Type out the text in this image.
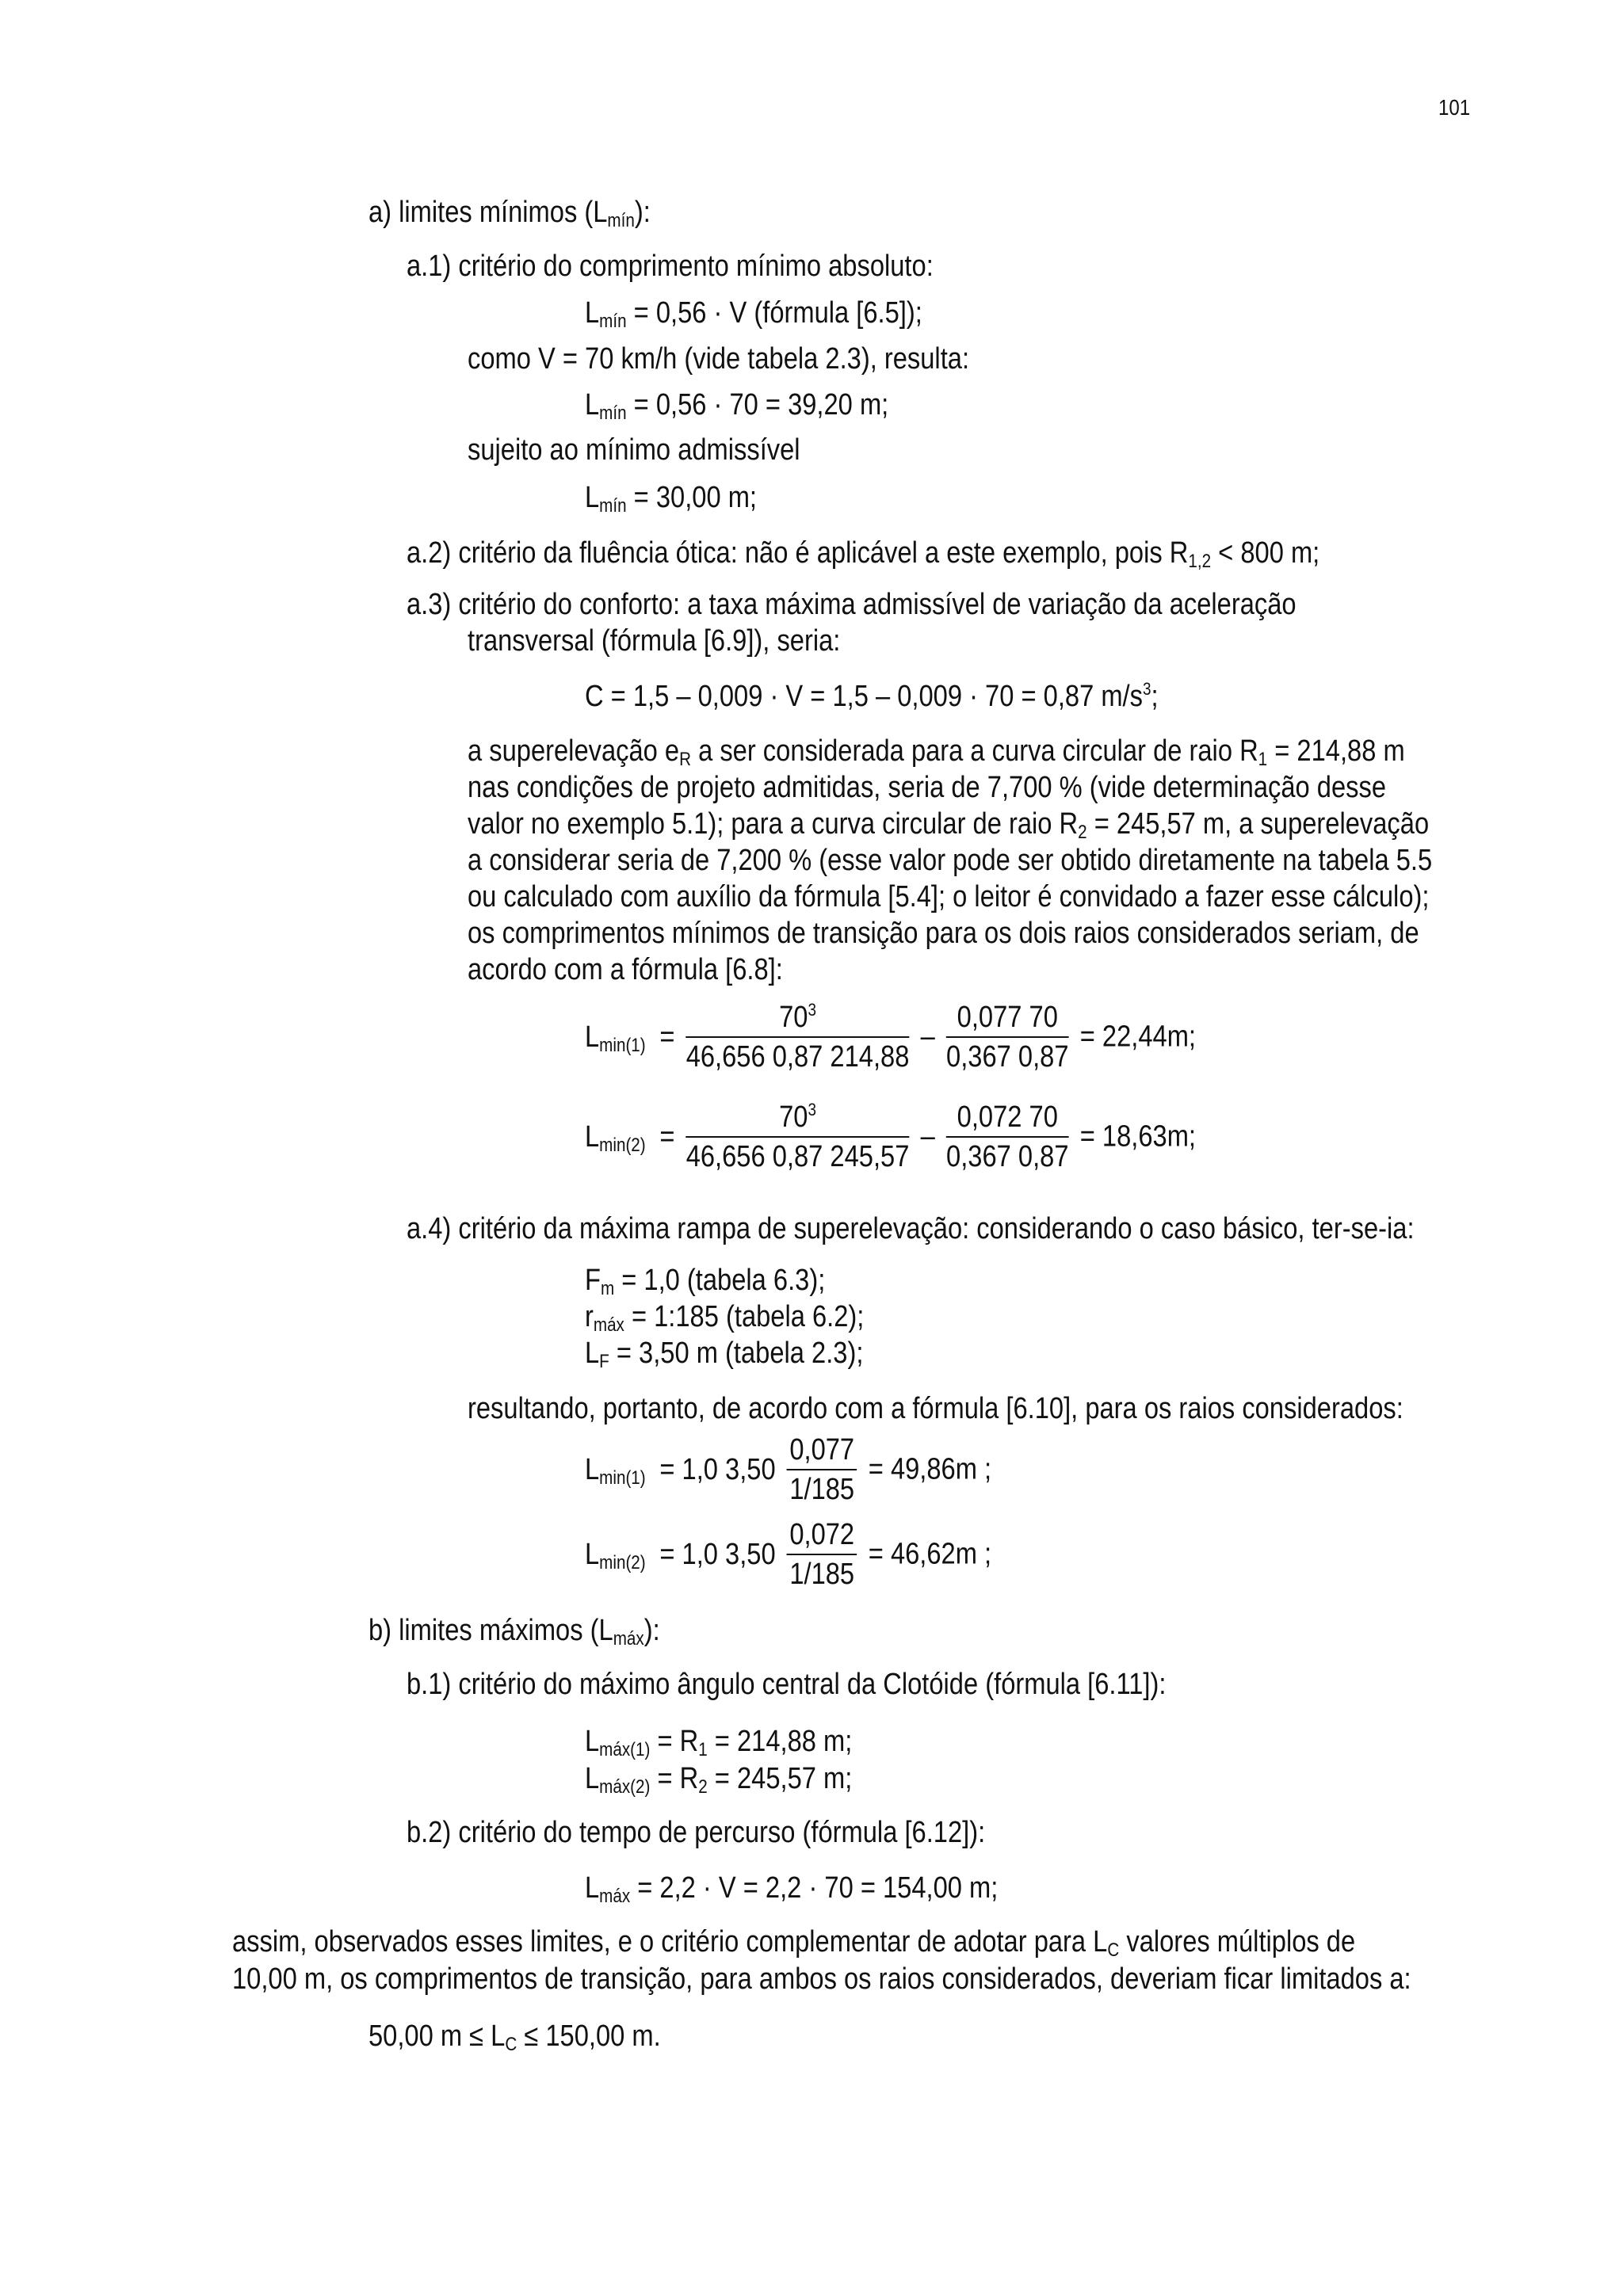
101
a) limites mínimos $(L_{mín})$:
a.1) critério do comprimento mínimo absoluto:
$L_{mín} = 0,56 \cdot V$ (fórmula [6.5]);
como V = 70 km/h (vide tabela 2.3), resulta:
$L_{mín} = 0,56 \cdot 70 = 39,20$ m;
sujeito ao mínimo admissível
$L_{mín} = 30,00$ m;
a.2) critério da fluência ótica: não é aplicável a este exemplo, pois $R_{1,2} < 800$ m;
a.3) critério do conforto: a taxa máxima admissível de variação da aceleração
transversal (fórmula [6.9]), seria:
C = 1,5 – 0,009 · V = 1,5 – 0,009 · 70 = 0,87 $m/s^3$;
a superelevação $e_R$ a ser considerada para a curva circular de raio $R_1 = 214,88$ m
nas condições de projeto admitidas, seria de 7,700 % (vide determinação desse
valor no exemplo 5.1); para a curva circular de raio $R_2 = 245,57$ m, a superelevação
a considerar seria de 7,200 % (esse valor pode ser obtido diretamente na tabela 5.5
ou calculado com auxílio da fórmula [5.4]; o leitor é convidado a fazer esse cálculo);
os comprimentos mínimos de transição para os dois raios considerados seriam, de
acordo com a fórmula [6.8]:
$L_{min(1)} = \frac{70^3}{46,656 0,87 214,88} - \frac{0,077 70}{0,367 0,87} = 22,44m$;
$L_{min(2)} = \frac{70^3}{46,656 0,87 245,57} - \frac{0,072 70}{0,367 0,87} = 18,63m$;
a.4) critério da máxima rampa de superelevação: considerando o caso básico, ter-se-ia:
$F_m = 1,0$ (tabela 6.3);
$r_{máx}$ = 1:185 (tabela 6.2);
$L_F = 3,50$ m (tabela 2.3);
resultando, portanto, de acordo com a fórmula [6.10], para os raios considerados:
$L_{min(1)} = 1,0$ $3,50 \frac{0,077}{1/185} = 49,86m$ ;
$L_{min(2)} = 1,0$ $3,50 \frac{0,072}{1/185} = 46,62m$ ;
b) limites máximos $(L_{máx})$:
b.1) critério do máximo ângulo central da Clotóide (fórmula [6.11]):
$L_{máx(1)} = R_1 = 214,88$ m;
$L_{máx(2)} = R_2 = 245,57$ m;
b.2) critério do tempo de percurso (fórmula [6.12]):
$L_{máx} = 2,2 \cdot V = 2,2 \cdot 70 = 154,00$ m;
assim, observados esses limites, e o critério complementar de adotar para $L_C$ valores múltiplos de
10,00 m, os comprimentos de transição, para ambos os raios considerados, deveriam ficar limitados a:
50,00 $m \le L_C \le 150,00$ m.
